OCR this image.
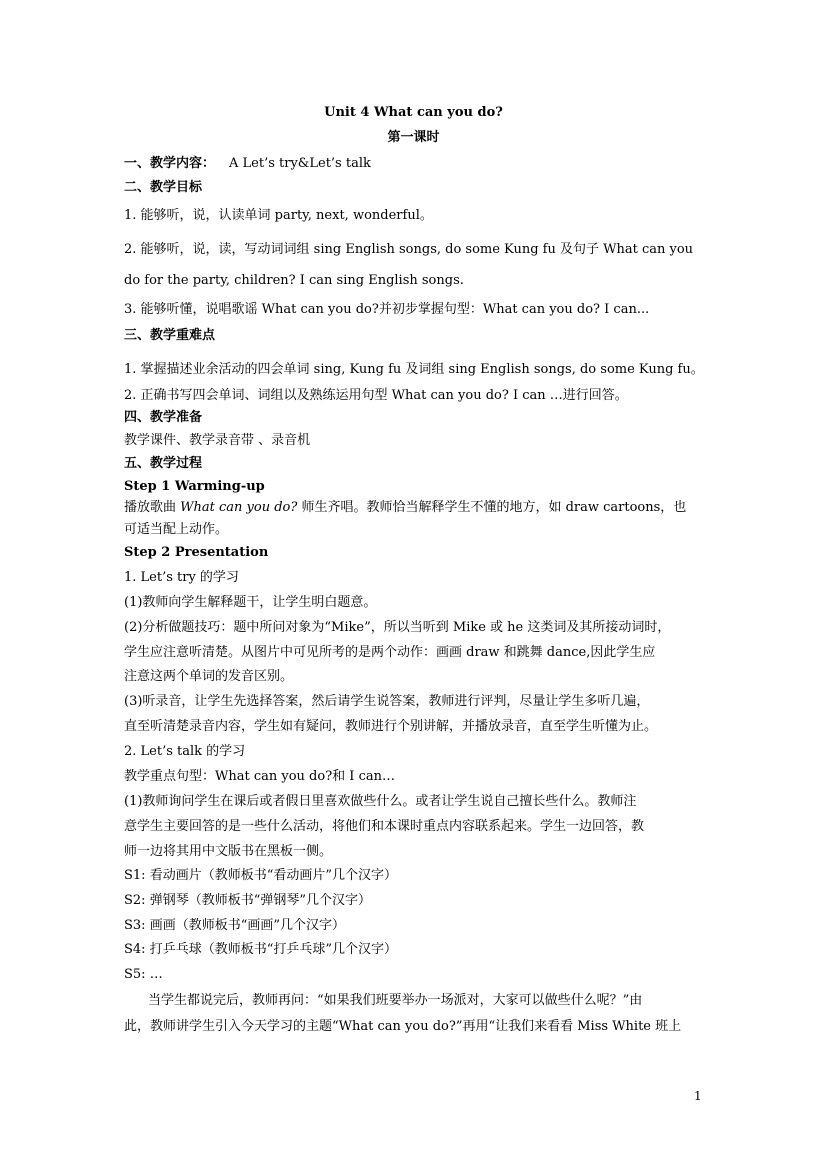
Unit 4 What can you do?
第一课时
一、教学内容： A Let’s try&Let’s talk
二、教学目标
1. 能够听，说，认读单词 party, next, wonderful。
2. 能够听，说，读，写动词词组 sing English songs, do some Kung fu 及句子 What can you
do for the party, children? I can sing English songs.
3. 能够听懂，说唱歌谣 What can you do?并初步掌握句型：What can you do? I can...
三、教学重难点
1. 掌握描述业余活动的四会单词 sing, Kung fu 及词组 sing English songs, do some Kung fu。
2. 正确书写四会单词、词组以及熟练运用句型 What can you do? I can …进行回答。
四、教学准备
教学课件、教学录音带 、录音机
五、教学过程
Step 1 Warming-up
播放歌曲 What can you do? 师生齐唱。教师恰当解释学生不懂的地方，如 draw cartoons，也
可适当配上动作。
Step 2 Presentation
1. Let’s try 的学习
(1)教师向学生解释题干，让学生明白题意。
(2)分析做题技巧：题中所问对象为“Mike”，所以当听到 Mike 或 he 这类词及其所接动词时，
学生应注意听清楚。从图片中可见所考的是两个动作：画画 draw 和跳舞 dance,因此学生应
注意这两个单词的发音区别。
(3)听录音，让学生先选择答案，然后请学生说答案，教师进行评判，尽量让学生多听几遍，
直至听清楚录音内容，学生如有疑问，教师进行个别讲解，并播放录音，直至学生听懂为止。
2. Let’s talk 的学习
教学重点句型：What can you do?和 I can…
(1)教师询问学生在课后或者假日里喜欢做些什么。或者让学生说自己擅长些什么。教师注
意学生主要回答的是一些什么活动，将他们和本课时重点内容联系起来。学生一边回答，教
师一边将其用中文版书在黑板一侧。
S1: 看动画片（教师板书“看动画片”几个汉字）
S2: 弹钢琴（教师板书“弹钢琴”几个汉字）
S3: 画画（教师板书“画画”几个汉字）
S4: 打乒乓球（教师板书“打乒乓球”几个汉字）
S5: …
当学生都说完后，教师再问：“如果我们班要举办一场派对，大家可以做些什么呢？”由
此，教师讲学生引入今天学习的主题“What can you do?”再用“让我们来看看 Miss White 班上
1
